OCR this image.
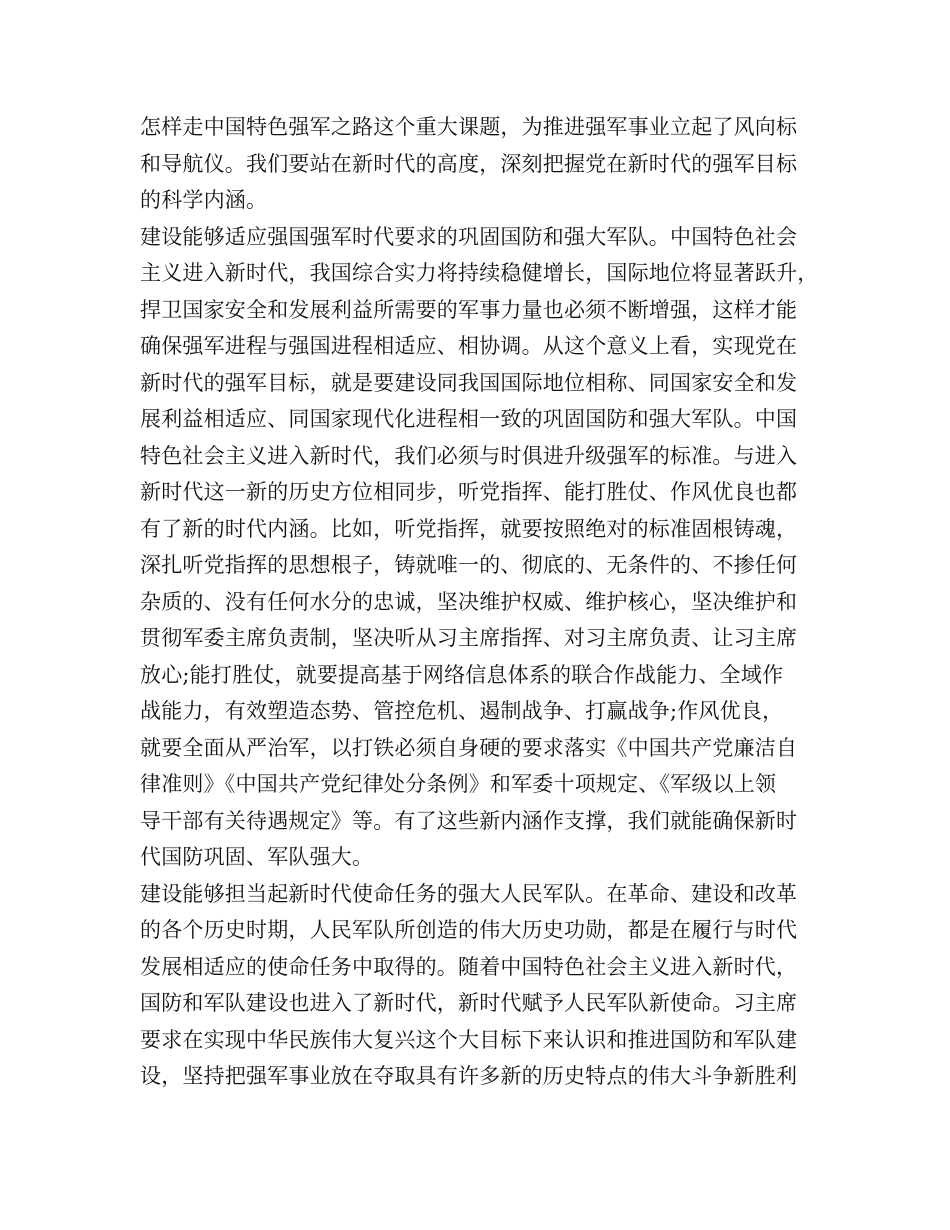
怎样走中国特色强军之路这个重大课题，为推进强军事业立起了风向标
和导航仪。我们要站在新时代的高度，深刻把握党在新时代的强军目标
的科学内涵。
建设能够适应强国强军时代要求的巩固国防和强大军队。中国特色社会
主义进入新时代，我国综合实力将持续稳健增长，国际地位将显著跃升，
捍卫国家安全和发展利益所需要的军事力量也必须不断增强，这样才能
确保强军进程与强国进程相适应、相协调。从这个意义上看，实现党在
新时代的强军目标，就是要建设同我国国际地位相称、同国家安全和发
展利益相适应、同国家现代化进程相一致的巩固国防和强大军队。中国
特色社会主义进入新时代，我们必须与时俱进升级强军的标准。与进入
新时代这一新的历史方位相同步，听党指挥、能打胜仗、作风优良也都
有了新的时代内涵。比如，听党指挥，就要按照绝对的标准固根铸魂，
深扎听党指挥的思想根子，铸就唯一的、彻底的、无条件的、不掺任何
杂质的、没有任何水分的忠诚，坚决维护权威、维护核心，坚决维护和
贯彻军委主席负责制，坚决听从习主席指挥、对习主席负责、让习主席
放心;能打胜仗，就要提高基于网络信息体系的联合作战能力、全域作
战能力，有效塑造态势、管控危机、遏制战争、打赢战争;作风优良，
就要全面从严治军，以打铁必须自身硬的要求落实《中国共产党廉洁自
律准则》《中国共产党纪律处分条例》和军委十项规定、《军级以上领
导干部有关待遇规定》等。有了这些新内涵作支撑，我们就能确保新时
代国防巩固、军队强大。
建设能够担当起新时代使命任务的强大人民军队。在革命、建设和改革
的各个历史时期，人民军队所创造的伟大历史功勋，都是在履行与时代
发展相适应的使命任务中取得的。随着中国特色社会主义进入新时代，
国防和军队建设也进入了新时代，新时代赋予人民军队新使命。习主席
要求在实现中华民族伟大复兴这个大目标下来认识和推进国防和军队建
设，坚持把强军事业放在夺取具有许多新的历史特点的伟大斗争新胜利
